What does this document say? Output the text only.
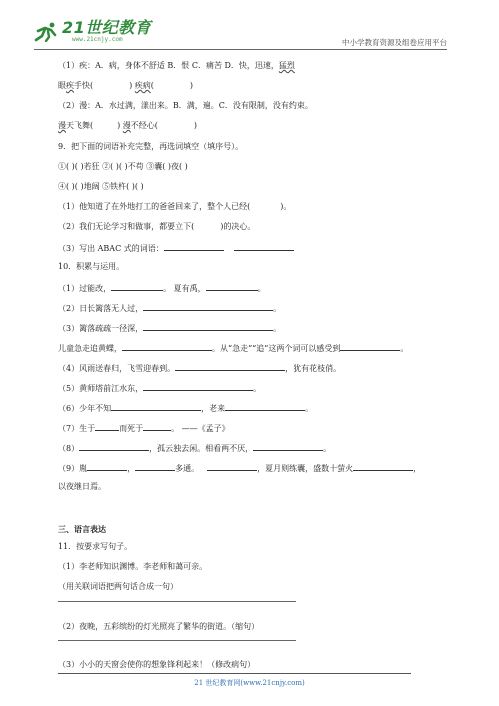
21世纪教育
www.21cnjy.com	中小学教育资源及组卷应用平台
（1）疾：A．病，身体不舒适 B．恨 C．痛苦 D．快，迅速，猛烈
眼疾手快(	) 疾病(	)
（2）漫：A．水过满，漾出来。B．满，遍。C．没有限制，没有约束。
漫天飞舞(	) 漫不经心(	)
9．把下面的词语补充完整，再选词填空（填序号）。
①( )( )若狂 ②( )( )不苟 ③囊( )夜( )
④( )( )地阔 ⑤铁杵( )( )
（1）他知道了在外地打工的爸爸回来了，整个人已经(	)。
（2）我们无论学习和做事，都要立下(	)的决心。
（3）写出 ABAC 式的词语：
10．积累与运用。
（1）过能改，	。 夏有禹，	。
（2）日长篱落无人过，	。
（3）篱落疏疏一径深，	。
儿童急走追黄蝶，	。从“急走”“追”这两个词可以感受到	。
（4）风雨送春归，飞雪迎春到。	，犹有花枝俏。
（5）黄师塔前江水东，	。
（6）少年不知	，老来	。
（7）生于	而死于	。 ——《孟子》
（8）	，孤云独去闲。相看两不厌，	。
（9）胤	，	多通。	，夏月则练囊，盛数十萤火	，
以夜继日焉。
三、语言表达
11．按要求写句子。
（1）李老师知识渊博。李老师和蔼可亲。
（用关联词语把两句话合成一句）
（2）夜晚，五彩缤纷的灯光照亮了繁华的街道。（缩句）
（3）小小的天窗会使你的想象锋利起来！（修改病句）
21 世纪教育网(www.21cnjy.com)
